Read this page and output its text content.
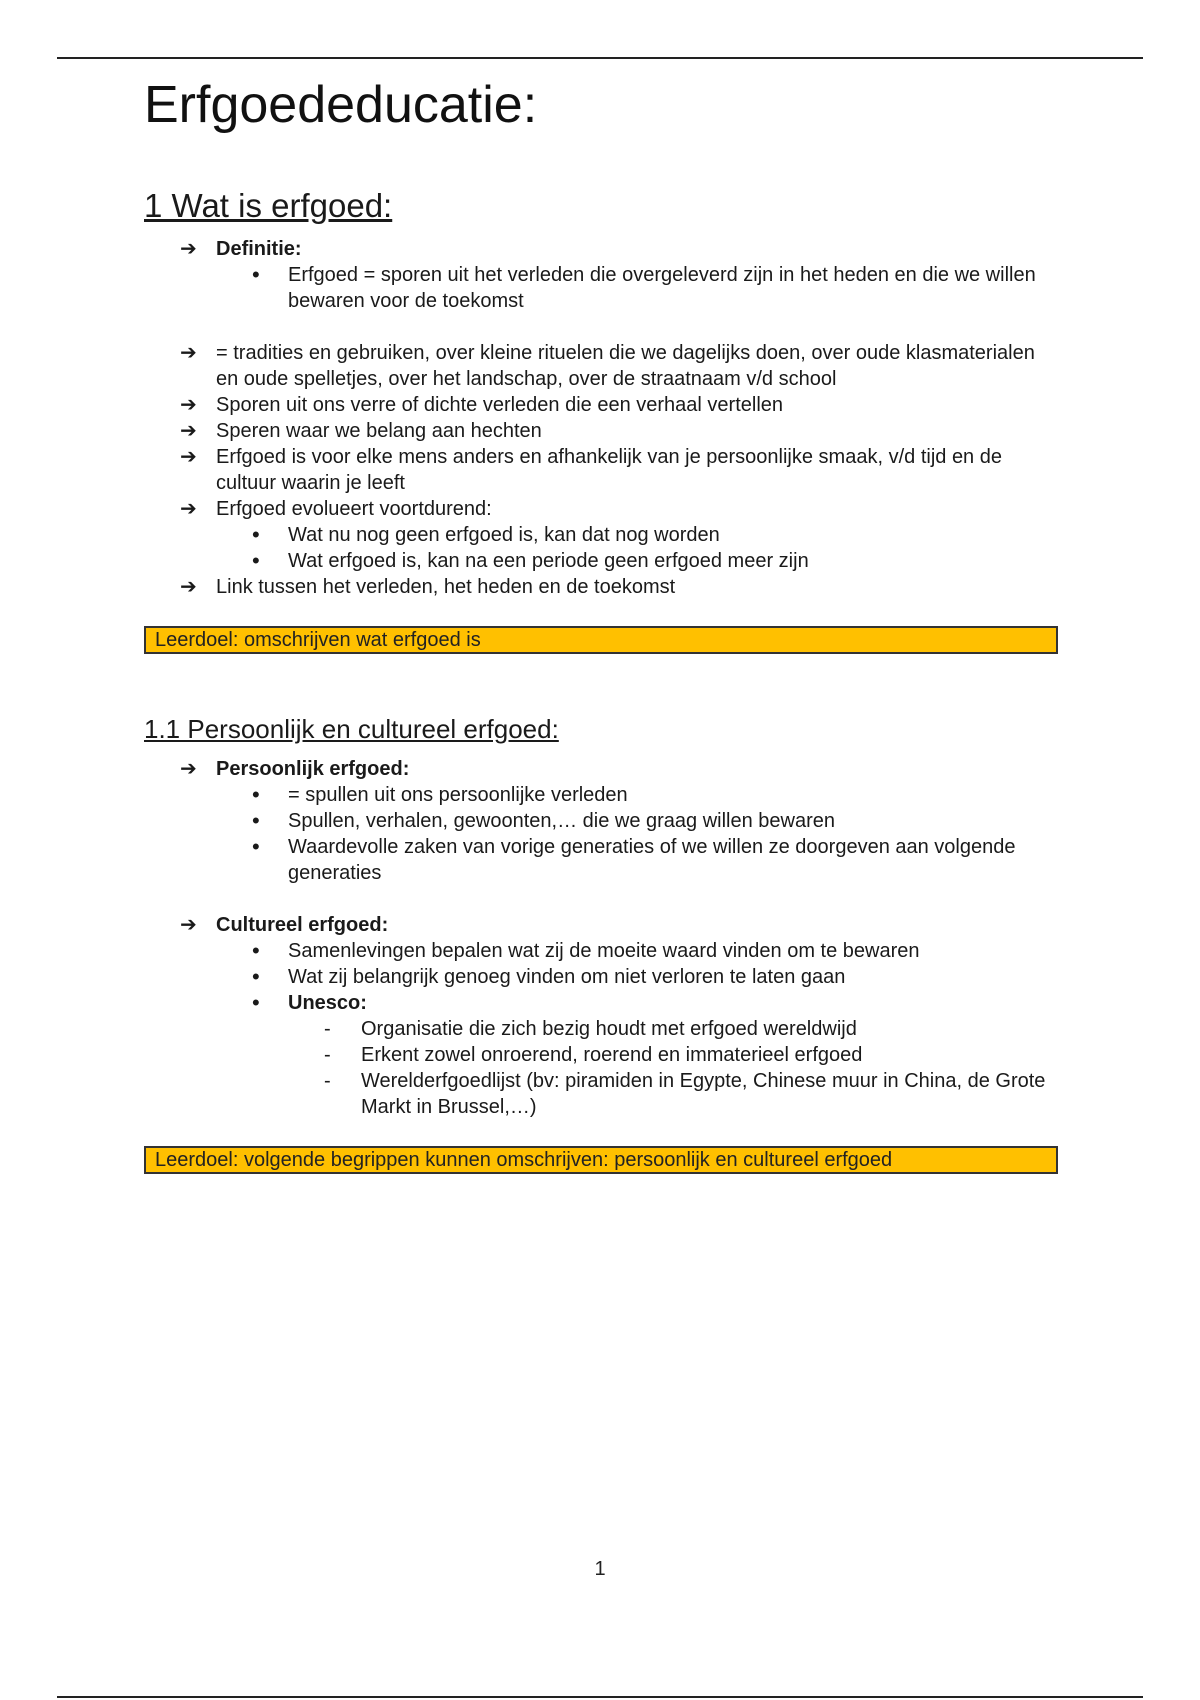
Erfgoededucatie:
1 Wat is erfgoed:
➔ Definitie:
• Erfgoed = sporen uit het verleden die overgeleverd zijn in het heden en die we willen bewaren voor de toekomst
➔ = tradities en gebruiken, over kleine rituelen die we dagelijks doen, over oude klasmaterialen en oude spelletjes, over het landschap, over de straatnaam v/d school
➔ Sporen uit ons verre of dichte verleden die een verhaal vertellen
➔ Speren waar we belang aan hechten
➔ Erfgoed is voor elke mens anders en afhankelijk van je persoonlijke smaak, v/d tijd en de cultuur waarin je leeft
➔ Erfgoed evolueert voortdurend:
• Wat nu nog geen erfgoed is, kan dat nog worden
• Wat erfgoed is, kan na een periode geen erfgoed meer zijn
➔ Link tussen het verleden, het heden en de toekomst
Leerdoel: omschrijven wat erfgoed is
1.1 Persoonlijk en cultureel erfgoed:
➔ Persoonlijk erfgoed:
• = spullen uit ons persoonlijke verleden
• Spullen, verhalen, gewoonten,… die we graag willen bewaren
• Waardevolle zaken van vorige generaties of we willen ze doorgeven aan volgende generaties
➔ Cultureel erfgoed:
• Samenlevingen bepalen wat zij de moeite waard vinden om te bewaren
• Wat zij belangrijk genoeg vinden om niet verloren te laten gaan
• Unesco:
- Organisatie die zich bezig houdt met erfgoed wereldwijd
- Erkent zowel onroerend, roerend en immaterieel erfgoed
- Werelderfgoedlijst (bv: piramiden in Egypte, Chinese muur in China, de Grote Markt in Brussel,…)
Leerdoel: volgende begrippen kunnen omschrijven: persoonlijk en cultureel erfgoed
1
